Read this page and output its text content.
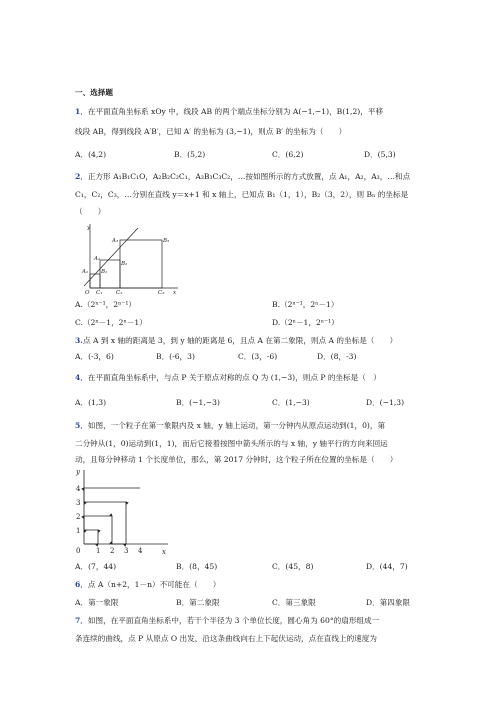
一、选择题
1．在平面直角坐标系 xOy 中，线段 AB 的两个端点坐标分别为 A(−1,−1)，B(1,2)，平移
线段 AB，得到线段 A′B′，已知 A′ 的坐标为 (3,−1)，则点 B′ 的坐标为（　　）
A．(4,2)	B．(5,2)	C．(6,2)	D．(5,3)
2．正方形 A₁B₁C₁O，A₂B₂C₂C₁，A₃B₃C₃C₂，…按如图所示的方式放置，点 A₁，A₂，A₃，…和点
C₁，C₂，C₃，…分别在直线 y＝x+1 和 x 轴上，已知点 B₁（1，1），B₂（3，2），则 Bₙ 的坐标是
（　　）
y
x
O
A₁
A₂
A₃
B₁
B₂
B₃
C₁ C₂	C₃
A.（2ⁿ⁻¹，2ⁿ⁻¹）	B.（2ⁿ⁻¹，2ⁿ－1）
C.（2ⁿ－1，2ⁿ－1）	D.（2ⁿ－1，2ⁿ⁻¹）
3.点 A 到 x 轴的距离是 3，到 y 轴的距离是 6，且点 A 在第二象限，则点 A 的坐标是（　　）
A．(-3，6)	B．(-6，3)	C．(3，-6)	D．(8，-3)
4．在平面直角坐标系中，与点 P 关于原点对称的点 Q 为 (1,−3)，则点 P 的坐标是（　）
A．(1,3)	B．(−1,−3)	C．(1,−3)	D．(−1,3)
5．如图，一个粒子在第一象限内及 x 轴，y 轴上运动，第一分钟内从原点运动到(1，0)，第
二分钟从(1，0)运动到(1，1)，而后它接着按图中箭头所示的与 x 轴，y 轴平行的方向来回运
动，且每分钟移动 1 个长度单位，那么，第 2017 分钟时，这个粒子所在位置的坐标是（　　）
y
x
0 1 2 3 4
1
2
3
4
A．(7，44)	B．(8，45)	C．(45，8)	D．(44，7)
6．点 A（n+2，1－n）不可能在（　　）
A．第一象限	B．第二象限	C．第三象限	D．第四象限
7．如图，在平面直角坐标系中，若干个半径为 3 个单位长度，圆心角为 60°的扇形组成一
条连续的曲线，点 P 从原点 O 出发，沿这条曲线向右上下起伏运动，点在直线上的速度为
